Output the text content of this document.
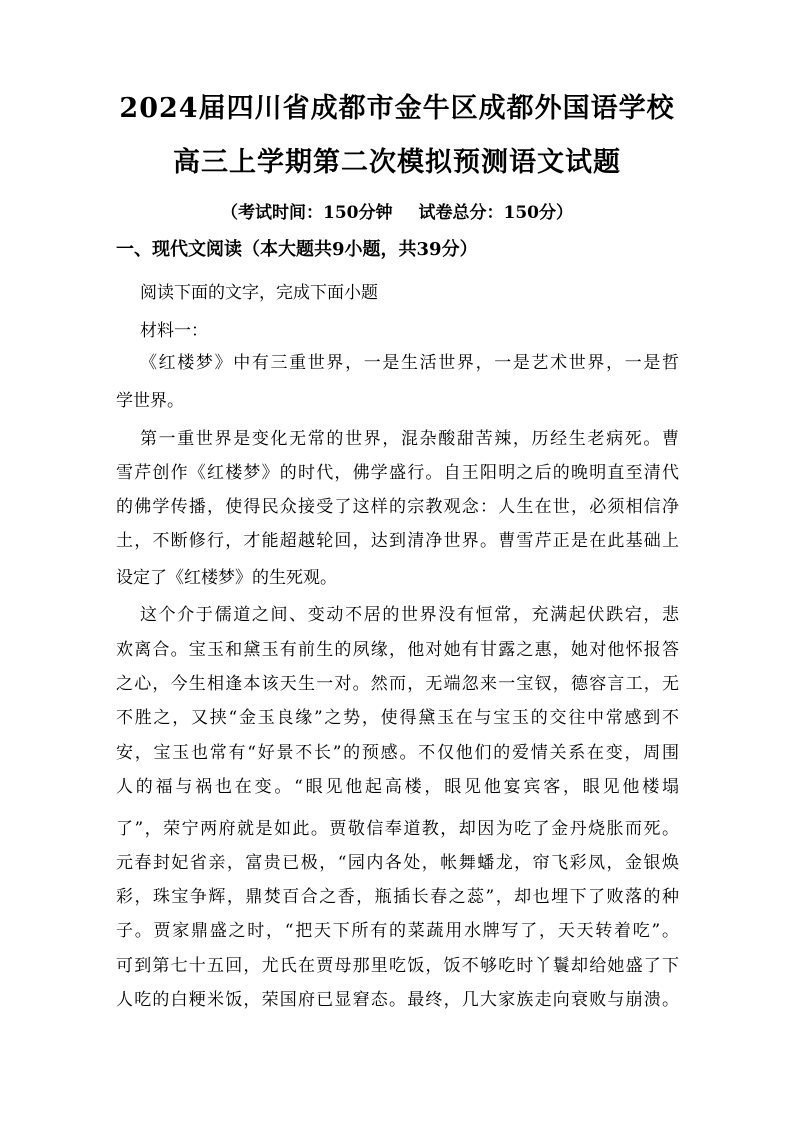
2024届四川省成都市金牛区成都外国语学校
高三上学期第二次模拟预测语文试题
（考试时间：150分钟 试卷总分：150分）
一、现代文阅读（本大题共9小题，共39分）
阅读下面的文字，完成下面小题
材料一：
《红楼梦》中有三重世界，一是生活世界，一是艺术世界，一是哲
学世界。
第一重世界是变化无常的世界，混杂酸甜苦辣，历经生老病死。曹
雪芹创作《红楼梦》的时代，佛学盛行。自王阳明之后的晚明直至清代
的佛学传播，使得民众接受了这样的宗教观念：人生在世，必须相信净
土，不断修行，才能超越轮回，达到清净世界。曹雪芹正是在此基础上
设定了《红楼梦》的生死观。
这个介于儒道之间、变动不居的世界没有恒常，充满起伏跌宕，悲
欢离合。宝玉和黛玉有前生的夙缘，他对她有甘露之惠，她对他怀报答
之心，今生相逢本该天生一对。然而，无端忽来一宝钗，德容言工，无
不胜之，又挟“金玉良缘”之势，使得黛玉在与宝玉的交往中常感到不
安，宝玉也常有“好景不长”的预感。不仅他们的爱情关系在变，周围
人的福与祸也在变。“眼见他起高楼，眼见他宴宾客，眼见他楼塌
了”，荣宁两府就是如此。贾敬信奉道教，却因为吃了金丹烧胀而死。
元春封妃省亲，富贵已极，“园内各处，帐舞蟠龙，帘飞彩凤，金银焕
彩，珠宝争辉，鼎焚百合之香，瓶插长春之蕊”，却也埋下了败落的种
子。贾家鼎盛之时，“把天下所有的菜蔬用水牌写了，天天转着吃”。
可到第七十五回，尤氏在贾母那里吃饭，饭不够吃时丫鬟却给她盛了下
人吃的白粳米饭，荣国府已显窘态。最终，几大家族走向衰败与崩溃。
